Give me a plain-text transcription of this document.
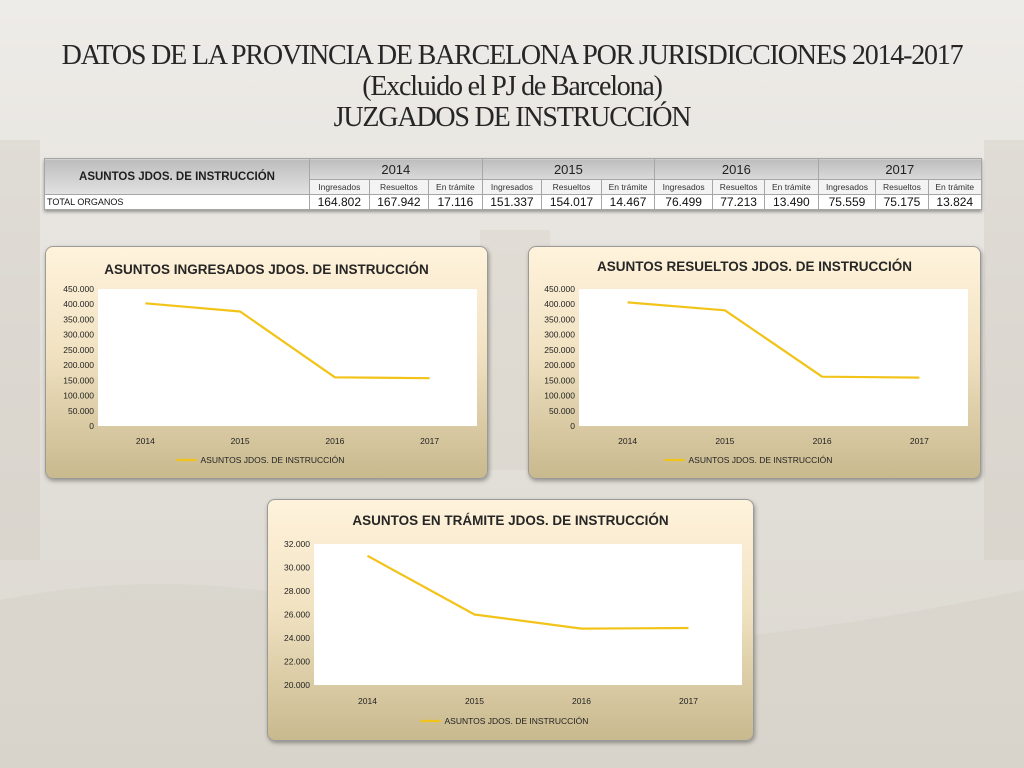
DATOS DE LA PROVINCIA DE BARCELONA POR JURISDICCIONES 2014-2017
(Excluido el PJ de Barcelona)
JUZGADOS DE INSTRUCCIÓN
ASUNTOS JDOS. DE INSTRUCCIÓN	2014			2015			2016			2017		
	Ingresados	Resueltos	En trámite	Ingresados	Resueltos	En trámite	Ingresados	Resueltos	En trámite	Ingresados	Resueltos	En trámite
TOTAL ORGANOS	164.802	167.942	17.116	151.337	154.017	14.467	76.499	77.213	13.490	75.559	75.175	13.824
ASUNTOS INGRESADOS JDOS. DE INSTRUCCIÓN
0
50.000
100.000
150.000
200.000
250.000
300.000
350.000
400.000
450.000
2014	2015	2016	2017
ASUNTOS JDOS. DE INSTRUCCIÓN
ASUNTOS RESUELTOS JDOS. DE INSTRUCCIÓN
0
50.000
100.000
150.000
200.000
250.000
300.000
350.000
400.000
450.000
2014	2015	2016	2017
ASUNTOS JDOS. DE INSTRUCCIÓN
ASUNTOS EN TRÁMITE JDOS. DE INSTRUCCIÓN
20.000
22.000
24.000
26.000
28.000
30.000
32.000
2014	2015	2016	2017
ASUNTOS JDOS. DE INSTRUCCIÓN
